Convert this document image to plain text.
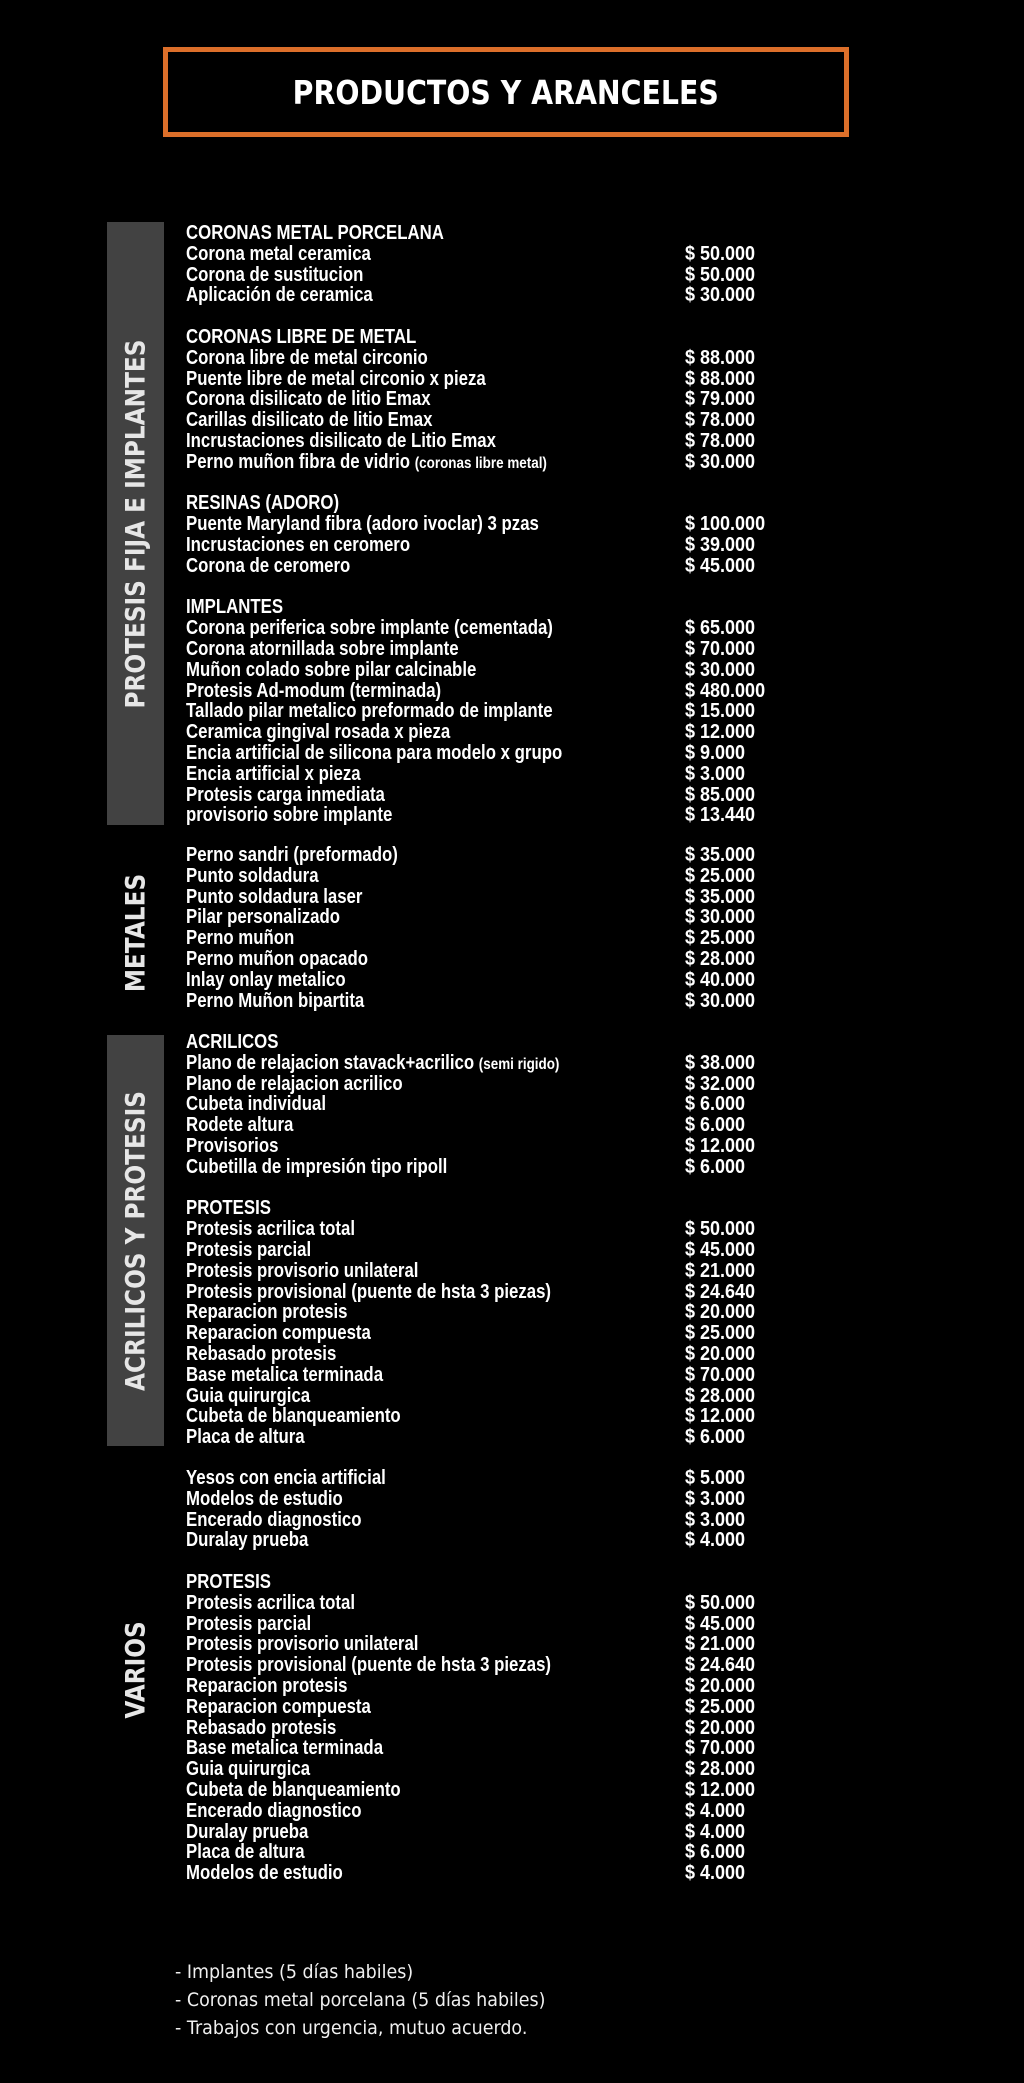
PRODUCTOS Y ARANCELES
PROTESIS FIJA E IMPLANTES
METALES
ACRILICOS Y PROTESIS
VARIOS
CORONAS METAL PORCELANA
Corona metal ceramica	$ 50.000
Corona de sustitucion	$ 50.000
Aplicación de ceramica	$ 30.000
CORONAS LIBRE DE METAL
Corona libre de metal circonio	$ 88.000
Puente libre de metal circonio x pieza	$ 88.000
Corona disilicato de litio Emax	$ 79.000
Carillas disilicato de litio Emax	$ 78.000
Incrustaciones disilicato de Litio Emax	$ 78.000
Perno muñon fibra de vidrio (coronas libre metal)	$ 30.000
RESINAS (ADORO)
Puente Maryland fibra (adoro ivoclar) 3 pzas	$ 100.000
Incrustaciones en ceromero	$ 39.000
Corona de ceromero	$ 45.000
IMPLANTES
Corona periferica sobre implante (cementada)	$ 65.000
Corona atornillada sobre implante	$ 70.000
Muñon colado sobre pilar calcinable	$ 30.000
Protesis Ad-modum (terminada)	$ 480.000
Tallado pilar metalico preformado de implante	$ 15.000
Ceramica gingival rosada x pieza	$ 12.000
Encia artificial de silicona para modelo x grupo	$ 9.000
Encia artificial x pieza	$ 3.000
Protesis carga inmediata	$ 85.000
provisorio sobre implante	$ 13.440
Perno sandri (preformado)	$ 35.000
Punto soldadura	$ 25.000
Punto soldadura laser	$ 35.000
Pilar personalizado	$ 30.000
Perno muñon	$ 25.000
Perno muñon opacado	$ 28.000
Inlay onlay metalico	$ 40.000
Perno Muñon bipartita	$ 30.000
ACRILICOS
Plano de relajacion stavack+acrilico (semi rigido)	$ 38.000
Plano de relajacion acrilico	$ 32.000
Cubeta individual	$ 6.000
Rodete altura	$ 6.000
Provisorios	$ 12.000
Cubetilla de impresión tipo ripoll	$ 6.000
PROTESIS
Protesis acrilica total	$ 50.000
Protesis parcial	$ 45.000
Protesis provisorio unilateral	$ 21.000
Protesis provisional (puente de hsta 3 piezas)	$ 24.640
Reparacion protesis	$ 20.000
Reparacion compuesta	$ 25.000
Rebasado protesis	$ 20.000
Base metalica terminada	$ 70.000
Guia quirurgica	$ 28.000
Cubeta de blanqueamiento	$ 12.000
Placa de altura	$ 6.000
Yesos con encia artificial	$ 5.000
Modelos de estudio	$ 3.000
Encerado diagnostico	$ 3.000
Duralay prueba	$ 4.000
PROTESIS
Protesis acrilica total	$ 50.000
Protesis parcial	$ 45.000
Protesis provisorio unilateral	$ 21.000
Protesis provisional (puente de hsta 3 piezas)	$ 24.640
Reparacion protesis	$ 20.000
Reparacion compuesta	$ 25.000
Rebasado protesis	$ 20.000
Base metalica terminada	$ 70.000
Guia quirurgica	$ 28.000
Cubeta de blanqueamiento	$ 12.000
Encerado diagnostico	$ 4.000
Duralay prueba	$ 4.000
Placa de altura	$ 6.000
Modelos de estudio	$ 4.000
- Implantes (5 días habiles)
- Coronas metal porcelana (5 días habiles)
- Trabajos con urgencia, mutuo acuerdo.
